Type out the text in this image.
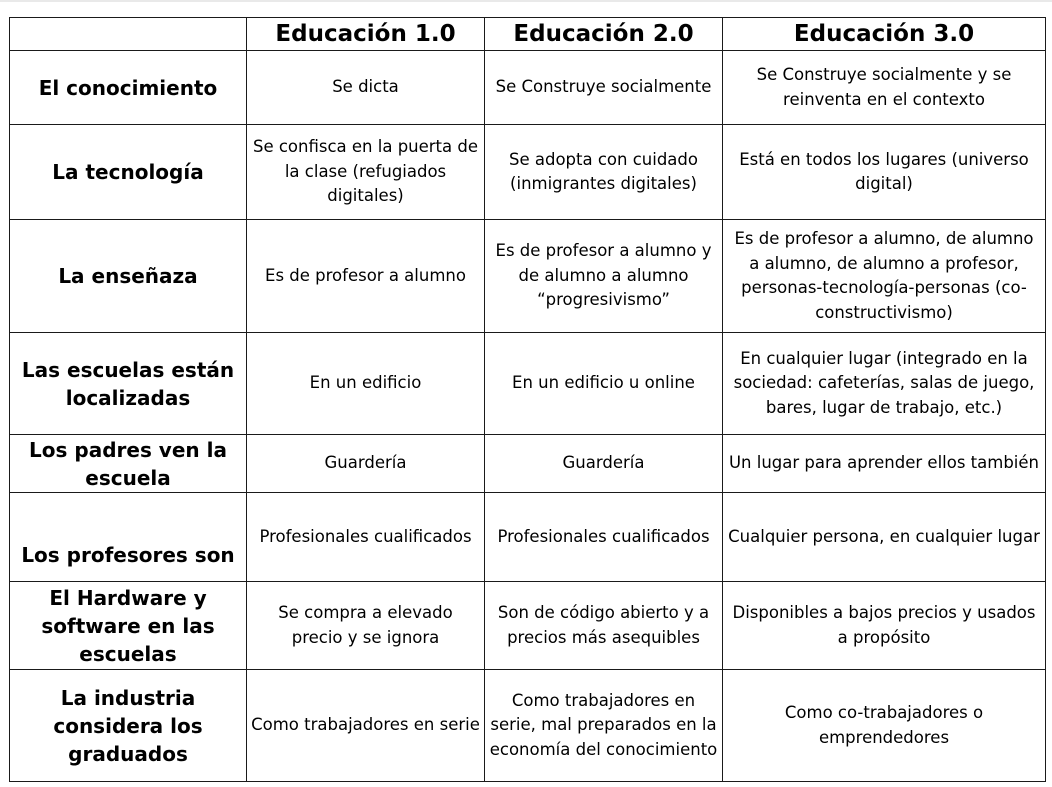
	Educación 1.0	Educación 2.0	Educación 3.0
El conocimiento	Se dicta	Se Construye socialmente	Se Construye socialmente y se reinventa en el contexto
La tecnología	Se confisca en la puerta de la clase (refugiados digitales)	Se adopta con cuidado (inmigrantes digitales)	Está en todos los lugares (universo digital)
La enseñaza	Es de profesor a alumno	Es de profesor a alumno y de alumno a alumno “progresivismo”	Es de profesor a alumno, de alumno a alumno, de alumno a profesor, personas-tecnología-personas (co-constructivismo)
Las escuelas están localizadas	En un edificio	En un edificio u online	En cualquier lugar (integrado en la sociedad: cafeterías, salas de juego, bares, lugar de trabajo, etc.)
Los padres ven la escuela	Guardería	Guardería	Un lugar para aprender ellos también
Los profesores son	Profesionales cualificados	Profesionales cualificados	Cualquier persona, en cualquier lugar
El Hardware y software en las escuelas	Se compra a elevado precio y se ignora	Son de código abierto y a precios más asequibles	Disponibles a bajos precios y usados a propósito
La industria considera los graduados	Como trabajadores en serie	Como trabajadores en serie, mal preparados en la economía del conocimiento	Como co-trabajadores o emprendedores
